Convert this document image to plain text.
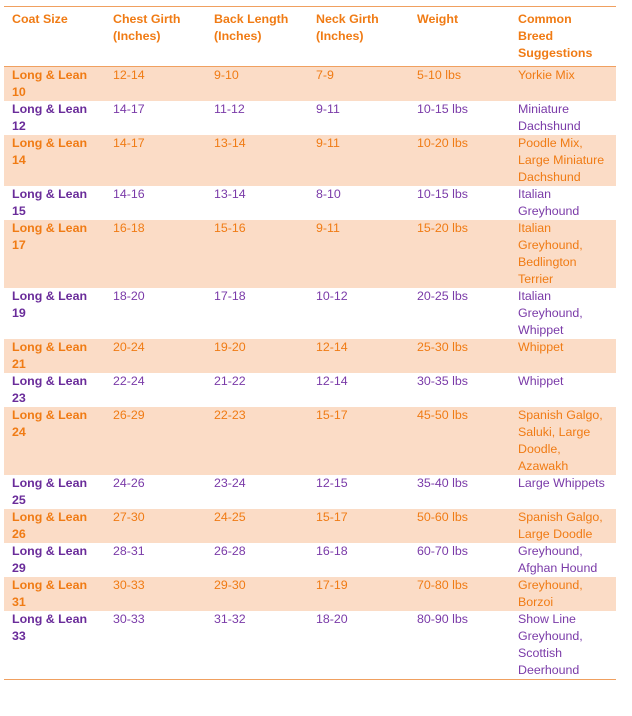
Coat Size	Chest Girth (Inches)	Back Length (Inches)	Neck Girth (Inches)	Weight	Common Breed Suggestions
Long & Lean 10	12-14	9-10	7-9	5-10 lbs	Yorkie Mix
Long & Lean 12	14-17	11-12	9-11	10-15 lbs	Miniature Dachshund
Long & Lean 14	14-17	13-14	9-11	10-20 lbs	Poodle Mix, Large Miniature Dachshund
Long & Lean 15	14-16	13-14	8-10	10-15 lbs	Italian Greyhound
Long & Lean 17	16-18	15-16	9-11	15-20 lbs	Italian Greyhound, Bedlington Terrier
Long & Lean 19	18-20	17-18	10-12	20-25 lbs	Italian Greyhound, Whippet
Long & Lean 21	20-24	19-20	12-14	25-30 lbs	Whippet
Long & Lean 23	22-24	21-22	12-14	30-35 lbs	Whippet
Long & Lean 24	26-29	22-23	15-17	45-50 lbs	Spanish Galgo, Saluki, Large Doodle, Azawakh
Long & Lean 25	24-26	23-24	12-15	35-40 lbs	Large Whippets
Long & Lean 26	27-30	24-25	15-17	50-60 lbs	Spanish Galgo, Large Doodle
Long & Lean 29	28-31	26-28	16-18	60-70 lbs	Greyhound, Afghan Hound
Long & Lean 31	30-33	29-30	17-19	70-80 lbs	Greyhound, Borzoi
Long & Lean 33	30-33	31-32	18-20	80-90 lbs	Show Line Greyhound, Scottish Deerhound
